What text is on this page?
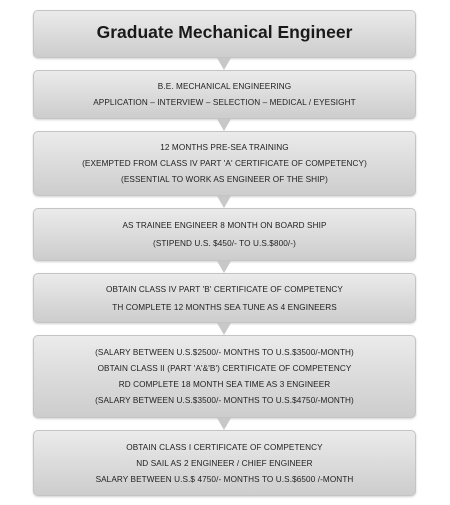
Graduate Mechanical Engineer
B.E. MECHANICAL ENGINEERING
APPLICATION – INTERVIEW – SELECTION – MEDICAL / EYESIGHT
12 MONTHS PRE-SEA TRAINING
(EXEMPTED FROM CLASS IV PART 'A' CERTIFICATE OF COMPETENCY)
(ESSENTIAL TO WORK AS ENGINEER OF THE SHIP)
AS TRAINEE ENGINEER 8 MONTH ON BOARD SHIP
(STIPEND U.S. $450/- TO U.S.$800/-)
OBTAIN CLASS IV PART 'B' CERTIFICATE OF COMPETENCY
TH COMPLETE 12 MONTHS SEA TUNE AS 4 ENGINEERS
(SALARY BETWEEN U.S.$2500/- MONTHS TO U.S.$3500/-MONTH)
OBTAIN CLASS II (PART 'A'&'B') CERTIFICATE OF COMPETENCY
RD COMPLETE 18 MONTH SEA TIME AS 3 ENGINEER
(SALARY BETWEEN U.S.$3500/- MONTHS TO U.S.$4750/-MONTH)
OBTAIN CLASS I CERTIFICATE OF COMPETENCY
ND SAIL AS 2 ENGINEER / CHIEF ENGINEER
SALARY BETWEEN U.S.$ 4750/- MONTHS TO U.S.$6500 /-MONTH
